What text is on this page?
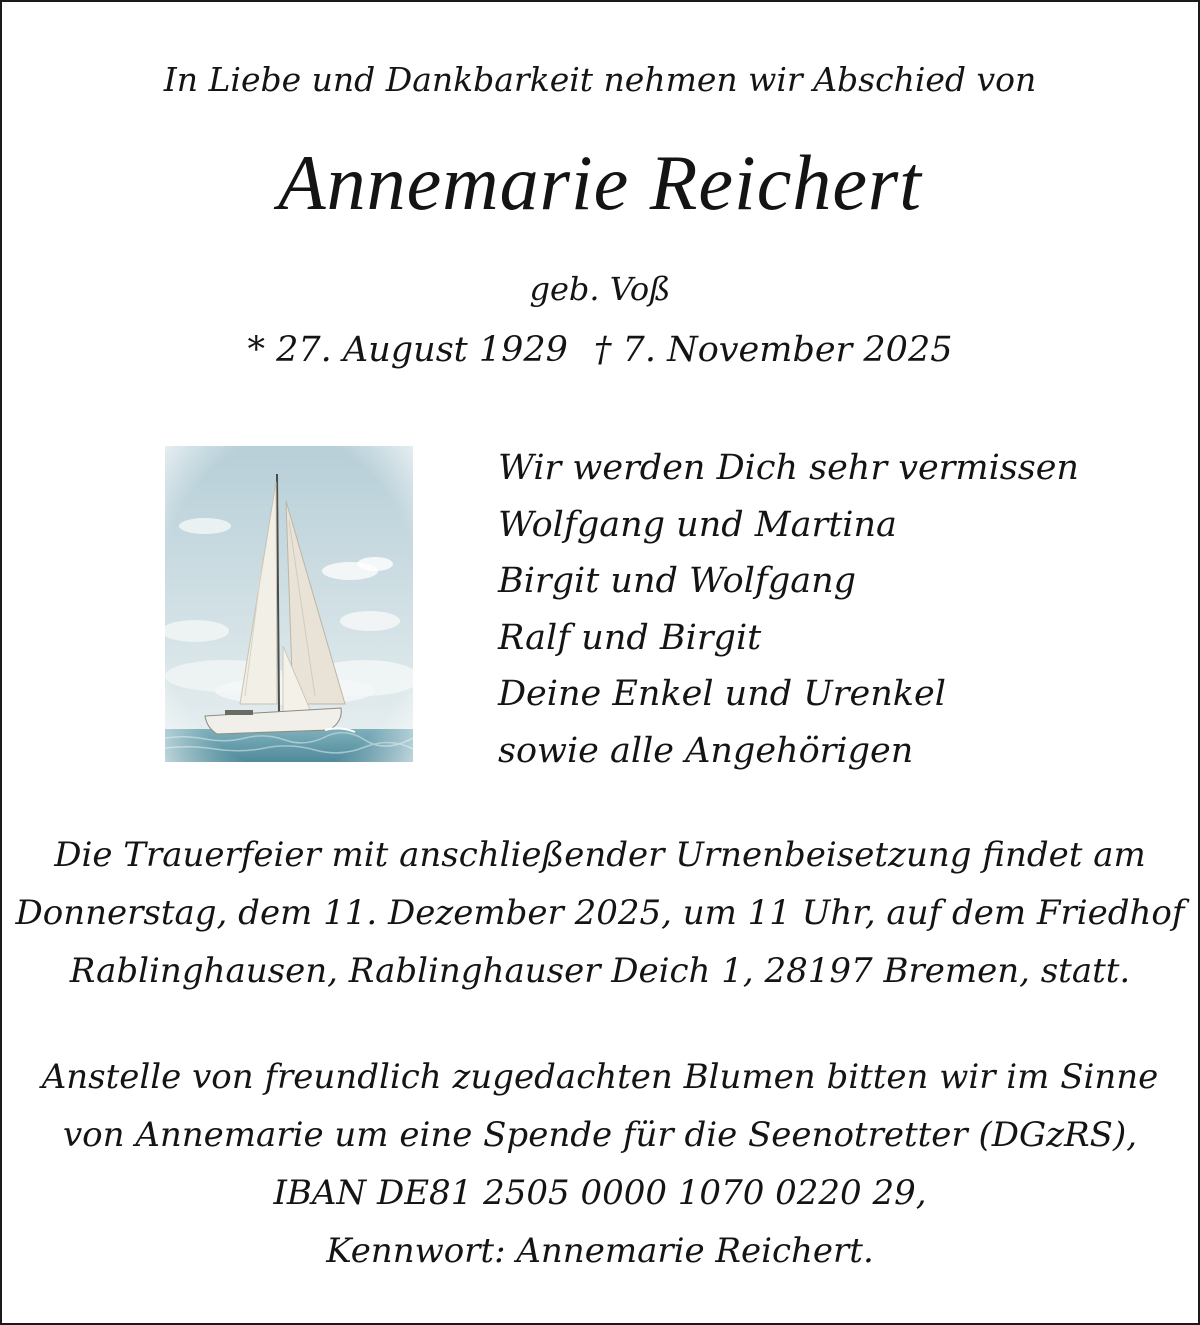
In Liebe und Dankbarkeit nehmen wir Abschied von
Annemarie Reichert
geb. Voß
* 27. August 1929 † 7. November 2025
Wir werden Dich sehr vermissen
Wolfgang und Martina
Birgit und Wolfgang
Ralf und Birgit
Deine Enkel und Urenkel
sowie alle Angehörigen
Die Trauerfeier mit anschließender Urnenbeisetzung findet am
Donnerstag, dem 11. Dezember 2025, um 11 Uhr, auf dem Friedhof
Rablinghausen, Rablinghauser Deich 1, 28197 Bremen, statt.
Anstelle von freundlich zugedachten Blumen bitten wir im Sinne
von Annemarie um eine Spende für die Seenotretter (DGzRS),
IBAN DE81 2505 0000 1070 0220 29,
Kennwort: Annemarie Reichert.
